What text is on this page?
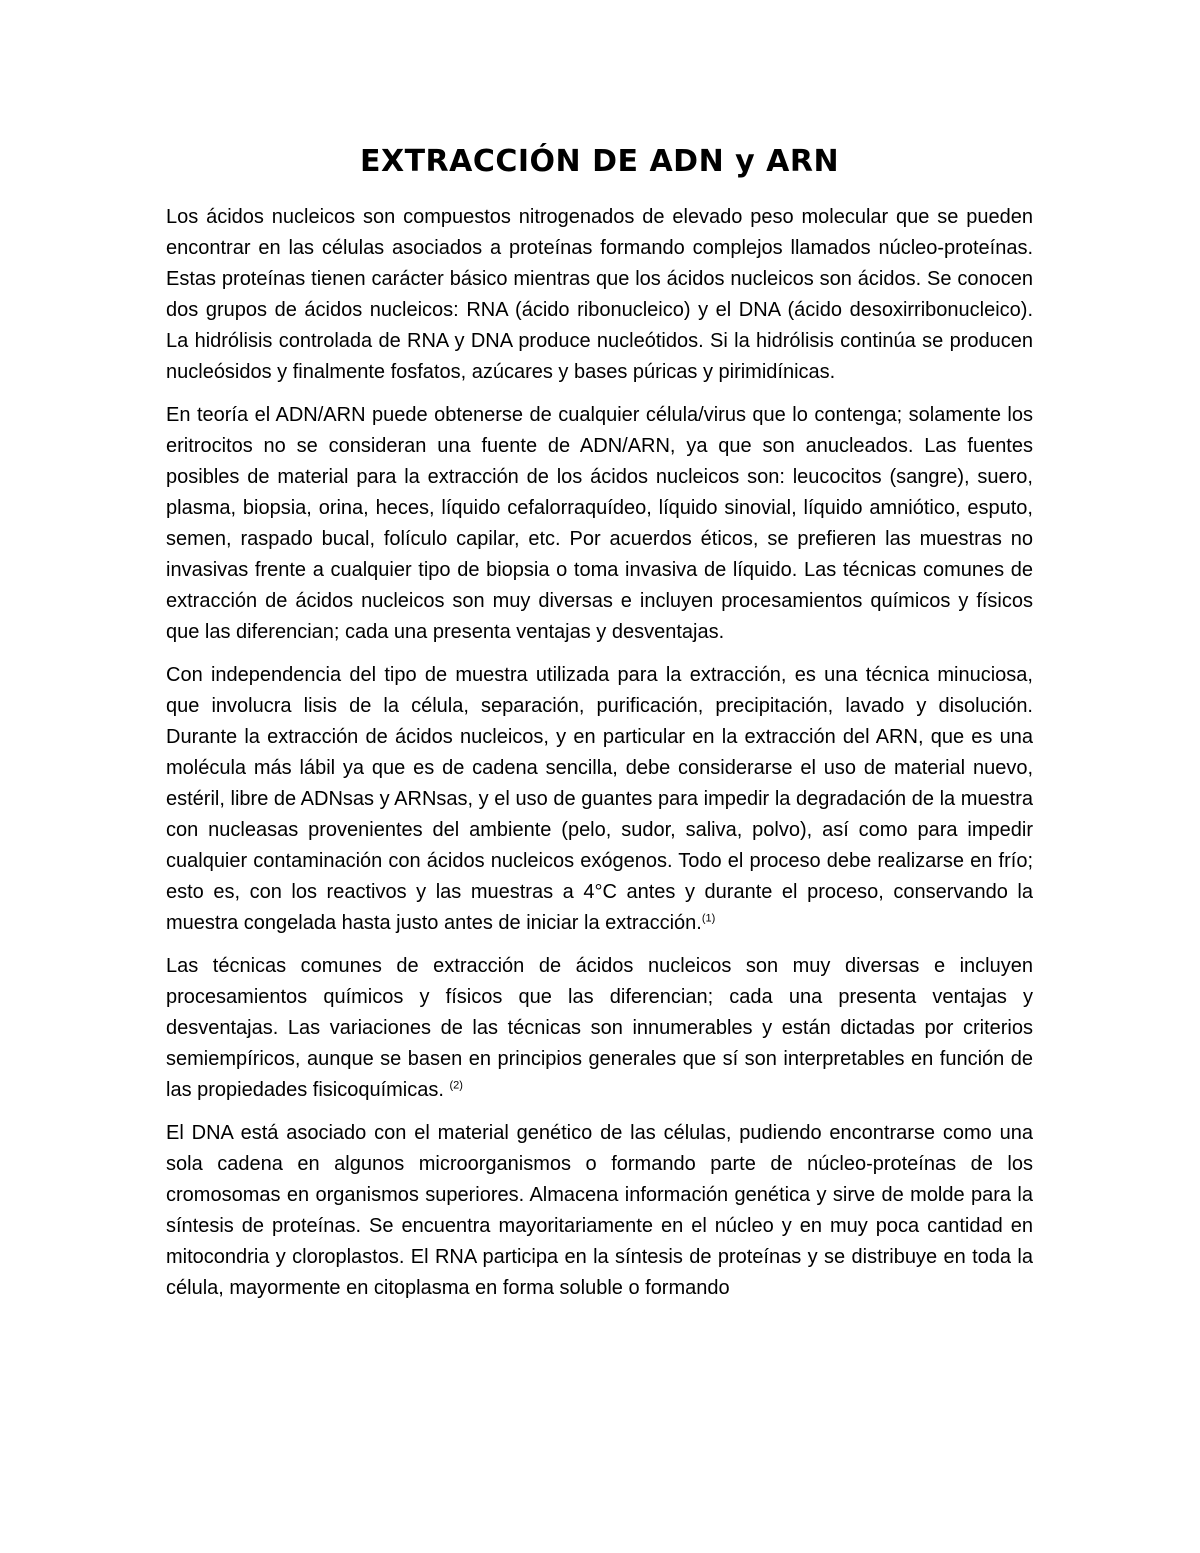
EXTRACCIÓN DE ADN y ARN

Los ácidos nucleicos son compuestos nitrogenados de elevado peso molecular que se pueden encontrar en las células asociados a proteínas formando complejos llamados núcleo-proteínas. Estas proteínas tienen carácter básico mientras que los ácidos nucleicos son ácidos. Se conocen dos grupos de ácidos nucleicos: RNA (ácido ribonucleico) y el DNA (ácido desoxirribonucleico). La hidrólisis controlada de RNA y DNA produce nucleótidos. Si la hidrólisis continúa se producen nucleósidos y finalmente fosfatos, azúcares y bases púricas y pirimidínicas.

En teoría el ADN/ARN puede obtenerse de cualquier célula/virus que lo contenga; solamente los eritrocitos no se consideran una fuente de ADN/ARN, ya que son anucleados. Las fuentes posibles de material para la extracción de los ácidos nucleicos son: leucocitos (sangre), suero, plasma, biopsia, orina, heces, líquido cefalorraquídeo, líquido sinovial, líquido amniótico, esputo, semen, raspado bucal, folículo capilar, etc. Por acuerdos éticos, se prefieren las muestras no invasivas frente a cualquier tipo de biopsia o toma invasiva de líquido. Las técnicas comunes de extracción de ácidos nucleicos son muy diversas e incluyen procesamientos químicos y físicos que las diferencian; cada una presenta ventajas y desventajas.

Con independencia del tipo de muestra utilizada para la extracción, es una técnica minuciosa, que involucra lisis de la célula, separación, purificación, precipitación, lavado y disolución. Durante la extracción de ácidos nucleicos, y en particular en la extracción del ARN, que es una molécula más lábil ya que es de cadena sencilla, debe considerarse el uso de material nuevo, estéril, libre de ADNsas y ARNsas, y el uso de guantes para impedir la degradación de la muestra con nucleasas provenientes del ambiente (pelo, sudor, saliva, polvo), así como para impedir cualquier contaminación con ácidos nucleicos exógenos. Todo el proceso debe realizarse en frío; esto es, con los reactivos y las muestras a 4°C antes y durante el proceso, conservando la muestra congelada hasta justo antes de iniciar la extracción.$^{(1)}$

Las técnicas comunes de extracción de ácidos nucleicos son muy diversas e incluyen procesamientos químicos y físicos que las diferencian; cada una presenta ventajas y desventajas. Las variaciones de las técnicas son innumerables y están dictadas por criterios semiempíricos, aunque se basen en principios generales que sí son interpretables en función de las propiedades fisicoquímicas. $^{(2)}$

El DNA está asociado con el material genético de las células, pudiendo encontrarse como una sola cadena en algunos microorganismos o formando parte de núcleo-proteínas de los cromosomas en organismos superiores. Almacena información genética y sirve de molde para la síntesis de proteínas. Se encuentra mayoritariamente en el núcleo y en muy poca cantidad en mitocondria y cloroplastos. El RNA participa en la síntesis de proteínas y se distribuye en toda la célula, mayormente en citoplasma en forma soluble o formando
